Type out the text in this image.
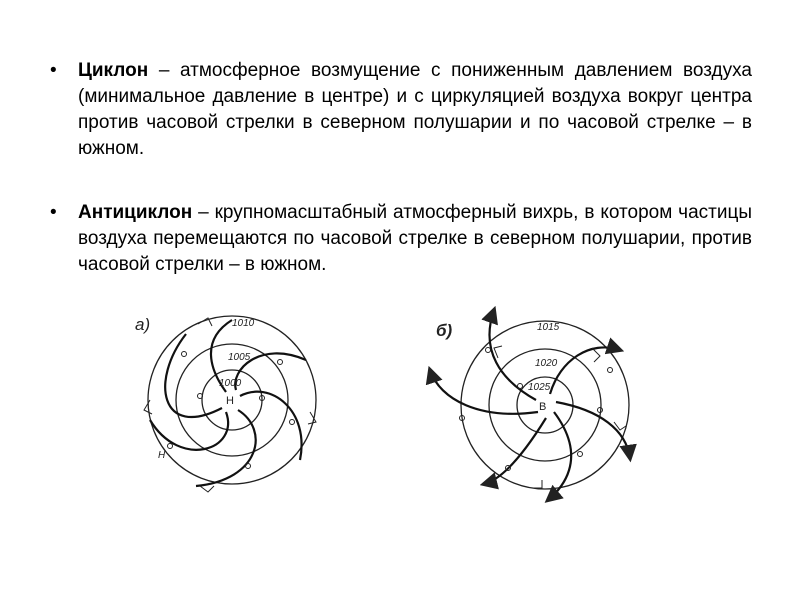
• Циклон – атмосферное возмущение с пониженным давлением воздуха (минимальное давление в центре) и с циркуляцией воздуха вокруг центра против часовой стрелки в северном полушарии и по часовой стрелке – в южном.
• Антициклон – крупномасштабный атмосферный вихрь, в котором частицы воздуха перемещаются по часовой стрелке в северном полушарии, против часовой стрелки – в южном.
а)	1010
1005
1000
Н
Н
б)	1015
1020
1025
В
